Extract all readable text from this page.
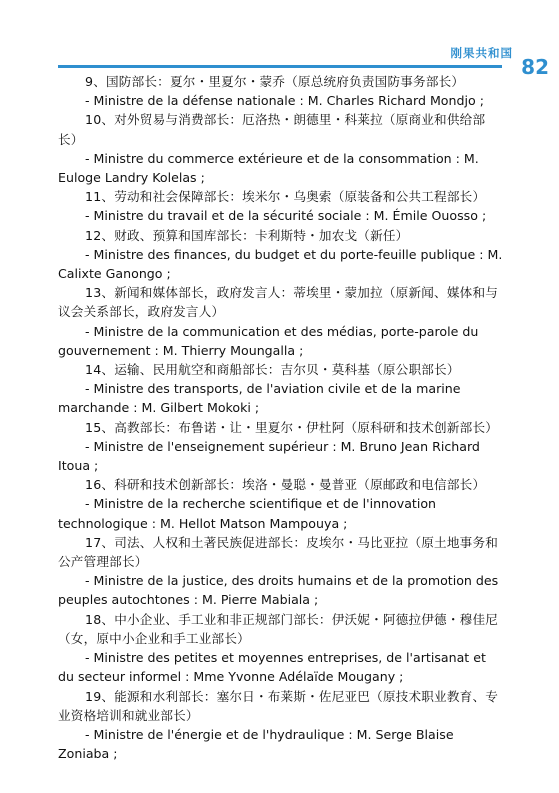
刚果共和国
82

9、国防部长：夏尔・里夏尔・蒙乔（原总统府负责国防事务部长）

- Ministre de la défense nationale : M. Charles Richard Mondjo ;

10、对外贸易与消费部长：厄洛热・朗德里・科莱拉（原商业和供给部长）

- Ministre du commerce extérieure et de la consommation : M. Euloge Landry Kolelas ;

11、劳动和社会保障部长：埃米尔・乌奥索（原装备和公共工程部长）

- Ministre du travail et de la sécurité sociale : M. Émile Ouosso ;

12、财政、预算和国库部长：卡利斯特・加农戈（新任）

- Ministre des finances, du budget et du porte-feuille publique : M. Calixte Ganongo ;

13、新闻和媒体部长，政府发言人：蒂埃里・蒙加拉（原新闻、媒体和与议会关系部长，政府发言人）

- Ministre de la communication et des médias, porte-parole du gouvernement : M. Thierry Moungalla ;

14、运输、民用航空和商船部长：吉尔贝・莫科基（原公职部长）

- Ministre des transports, de l'aviation civile et de la marine marchande : M. Gilbert Mokoki ;

15、高教部长：布鲁诺・让・里夏尔・伊杜阿（原科研和技术创新部长）

- Ministre de l'enseignement supérieur : M. Bruno Jean Richard Itoua ;

16、科研和技术创新部长：埃洛・曼聪・曼普亚（原邮政和电信部长）

- Ministre de la recherche scientifique et de l'innovation technologique : M. Hellot Matson Mampouya ;

17、司法、人权和土著民族促进部长：皮埃尔・马比亚拉（原土地事务和公产管理部长）

- Ministre de la justice, des droits humains et de la promotion des peuples autochtones : M. Pierre Mabiala ;

18、中小企业、手工业和非正规部门部长：伊沃妮・阿德拉伊德・穆佳尼（女，原中小企业和手工业部长）

- Ministre des petites et moyennes entreprises, de l'artisanat et du secteur informel : Mme Yvonne Adélaïde Mougany ;

19、能源和水利部长：塞尔日・布莱斯・佐尼亚巴（原技术职业教育、专业资格培训和就业部长）

- Ministre de l'énergie et de l'hydraulique : M. Serge Blaise Zoniaba ;
